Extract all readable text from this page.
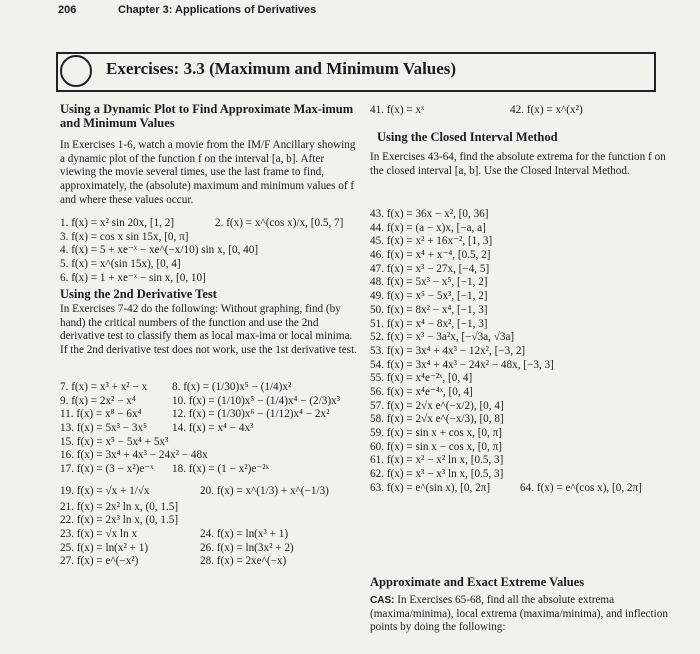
206	Chapter 3: Applications of Derivatives
Exercises: 3.3 (Maximum and Minimum Values)
Using a Dynamic Plot to Find Approximate Max-imum and Minimum Values
In Exercises 1-6, watch a movie from the IM/F Ancillary showing a dynamic plot of the function f on the interval [a, b]. After viewing the movie several times, use the last frame to find, approximately, the (absolute) maximum and minimum values of f and where these values occur.
1. f(x) = x² sin 20x, [1, 2]	2. f(x) = x^(cos x)/x, [0.5, 7]
3. f(x) = cos x sin 15x, [0, π]
4. f(x) = 5 + xe⁻ˣ − xe^(−x/10) sin x, [0, 40]
5. f(x) = x^(sin 15x), [0, 4]
6. f(x) = 1 + xe⁻ˣ − sin x, [0, 10]
Using the 2nd Derivative Test
In Exercises 7-42 do the following: Without graphing, find (by hand) the critical numbers of the function and use the 2nd derivative test to classify them as local max-ima or local minima. If the 2nd derivative test does not work, use the 1st derivative test.
7. f(x) = x³ + x² − x 8. f(x) = (1/30)x⁵ − (1/4)x²
9. f(x) = 2x² − x⁴	10. f(x) = (1/10)x⁵ − (1/4)x⁴ − (2/3)x³
11. f(x) = x⁸ − 6x⁴	12. f(x) = (1/30)x⁶ − (1/12)x⁴ − 2x²
13. f(x) = 5x³ − 3x⁵ 14. f(x) = x⁴ − 4x³
15. f(x) = x⁵ − 5x⁴ + 5x³
16. f(x) = 3x⁴ + 4x³ − 24x² − 48x
17. f(x) = (3 − x²)e⁻ˣ 18. f(x) = (1 − x²)e⁻²ˣ
19. f(x) = √x + 1/√x	20. f(x) = x^(1/3) + x^(−1/3)
21. f(x) = 2x² ln x, (0, 1.5]
22. f(x) = 2x³ ln x, (0, 1.5]
23. f(x) = √x ln x	24. f(x) = ln(x³ + 1)
25. f(x) = ln(x² + 1)	26. f(x) = ln(3x² + 2)
27. f(x) = e^(−x²)	28. f(x) = 2xe^(−x)
41. f(x) = xˣ	42. f(x) = x^(x²)
Using the Closed Interval Method
In Exercises 43-64, find the absolute extrema for the function f on the closed interval [a, b]. Use the Closed Interval Method.
43. f(x) = 36x − x², [0, 36]
44. f(x) = (a − x)x, [−a, a]
45. f(x) = x² + 16x⁻², [1, 3]
46. f(x) = x⁴ + x⁻⁴, [0.5, 2]
47. f(x) = x³ − 27x, [−4, 5]
48. f(x) = 5x³ − x⁵, [−1, 2]
49. f(x) = x⁵ − 5x³, [−1, 2]
50. f(x) = 8x² − x⁴, [−1, 3]
51. f(x) = x⁴ − 8x², [−1, 3]
52. f(x) = x³ − 3a²x, [−√3a, √3a]
53. f(x) = 3x⁴ + 4x³ − 12x², [−3, 2]
54. f(x) = 3x⁴ + 4x³ − 24x² − 48x, [−3, 3]
55. f(x) = x⁴e⁻²ˣ, [0, 4]
56. f(x) = x⁴e⁻⁴ˣ, [0, 4]
57. f(x) = 2√x e^(−x/2), [0, 4]
58. f(x) = 2√x e^(−x/3), [0, 8]
59. f(x) = sin x + cos x, [0, π]
60. f(x) = sin x − cos x, [0, π]
61. f(x) = x² − x² ln x, [0.5, 3]
62. f(x) = x³ − x³ ln x, [0.5, 3]
63. f(x) = e^(sin x), [0, 2π]	64. f(x) = e^(cos x), [0, 2π]
Approximate and Exact Extreme Values
CAS: In Exercises 65-68, find all the absolute extrema (maxima/minima), local extrema (maxima/minima), and inflection points by doing the following:
